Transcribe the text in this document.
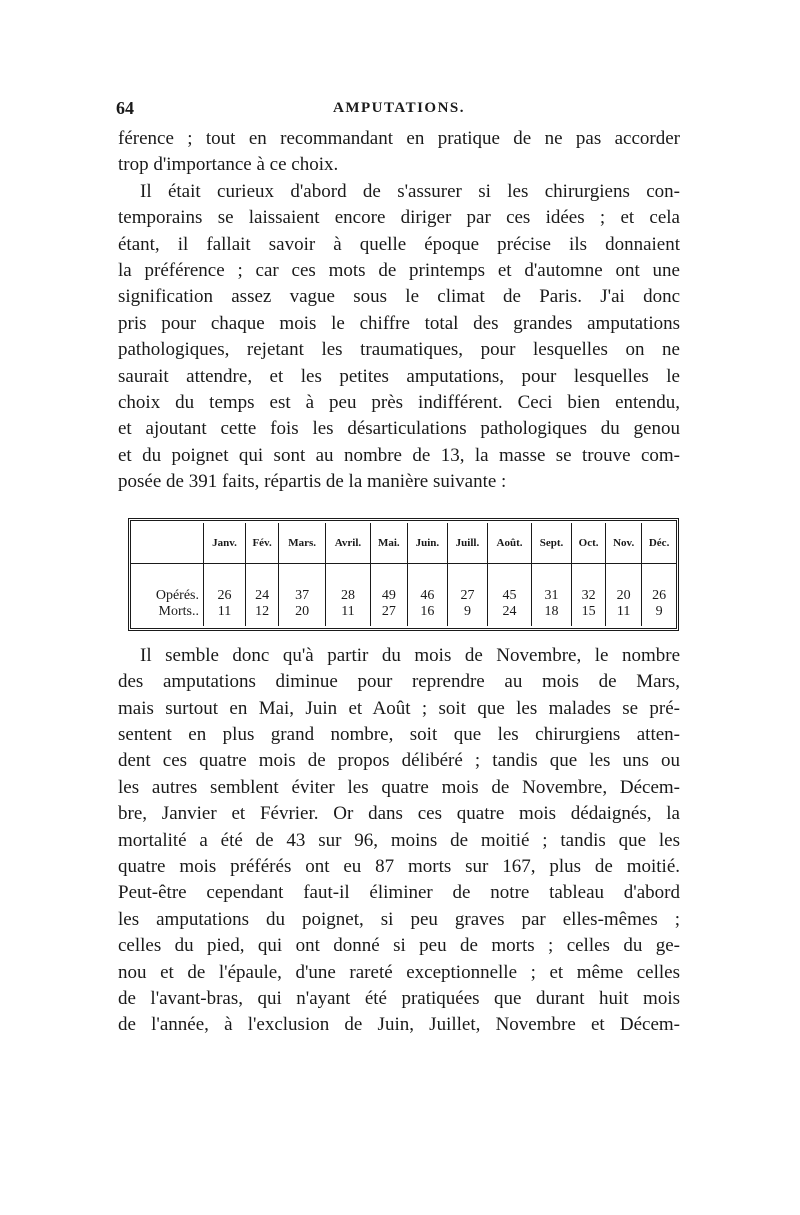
64	AMPUTATIONS.

férence ; tout en recommandant en pratique de ne pas accorder
trop d'importance à ce choix.

Il était curieux d'abord de s'assurer si les chirurgiens con-
temporains se laissaient encore diriger par ces idées ; et cela
étant, il fallait savoir à quelle époque précise ils donnaient
la préférence ; car ces mots de printemps et d'automne ont une
signification assez vague sous le climat de Paris. J'ai donc
pris pour chaque mois le chiffre total des grandes amputations
pathologiques, rejetant les traumatiques, pour lesquelles on ne
saurait attendre, et les petites amputations, pour lesquelles le
choix du temps est à peu près indifférent. Ceci bien entendu,
et ajoutant cette fois les désarticulations pathologiques du genou
et du poignet qui sont au nombre de 13, la masse se trouve com-
posée de 391 faits, répartis de la manière suivante :

	Janv.	Fév.	Mars.	Avril.	Mai.	Juin.	Juill.	Août.	Sept.	Oct.	Nov.	Déc.

Opérés.	26	24	37	28	49	46	27	45	31	32	20	26
Morts..	11	12	20	11	27	16	9	24	18	15	11	9

Il semble donc qu'à partir du mois de Novembre, le nombre
des amputations diminue pour reprendre au mois de Mars,
mais surtout en Mai, Juin et Août ; soit que les malades se pré-
sentent en plus grand nombre, soit que les chirurgiens atten-
dent ces quatre mois de propos délibéré ; tandis que les uns ou
les autres semblent éviter les quatre mois de Novembre, Décem-
bre, Janvier et Février. Or dans ces quatre mois dédaignés, la
mortalité a été de 43 sur 96, moins de moitié ; tandis que les
quatre mois préférés ont eu 87 morts sur 167, plus de moitié.
Peut-être cependant faut-il éliminer de notre tableau d'abord
les amputations du poignet, si peu graves par elles-mêmes ;
celles du pied, qui ont donné si peu de morts ; celles du ge-
nou et de l'épaule, d'une rareté exceptionnelle ; et même celles
de l'avant-bras, qui n'ayant été pratiquées que durant huit mois
de l'année, à l'exclusion de Juin, Juillet, Novembre et Décem-
